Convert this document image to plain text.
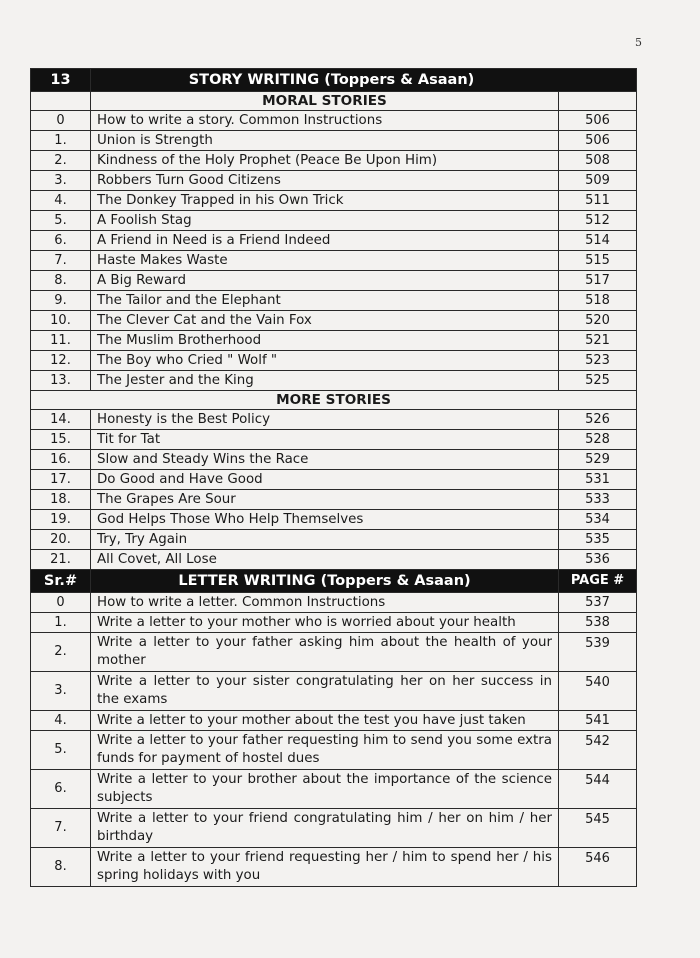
5
13	STORY WRITING (Toppers & Asaan)	
	MORAL STORIES	
0	How to write a story. Common Instructions	506
1.	Union is Strength	506
2.	Kindness of the Holy Prophet (Peace Be Upon Him)	508
3.	Robbers Turn Good Citizens	509
4.	The Donkey Trapped in his Own Trick	511
5.	A Foolish Stag	512
6.	A Friend in Need is a Friend Indeed	514
7.	Haste Makes Waste	515
8.	A Big Reward	517
9.	The Tailor and the Elephant	518
10.	The Clever Cat and the Vain Fox	520
11.	The Muslim Brotherhood	521
12.	The Boy who Cried " Wolf "	523
13.	The Jester and the King	525
MORE STORIES		
14.	Honesty is the Best Policy	526
15.	Tit for Tat	528
16.	Slow and Steady Wins the Race	529
17.	Do Good and Have Good	531
18.	The Grapes Are Sour	533
19.	God Helps Those Who Help Themselves	534
20.	Try, Try Again	535
21.	All Covet, All Lose	536
Sr.#	LETTER WRITING (Toppers & Asaan)	PAGE #
0	How to write a letter. Common Instructions	537
1.	Write a letter to your mother who is worried about your health	538
2.	Write a letter to your father asking him about the health of your mother	539
3.	Write a letter to your sister congratulating her on her success in the exams	540
4.	Write a letter to your mother about the test you have just taken	541
5.	Write a letter to your father requesting him to send you some extra funds for payment of hostel dues	542
6.	Write a letter to your brother about the importance of the science subjects	544
7.	Write a letter to your friend congratulating him / her on him / her birthday	545
8.	Write a letter to your friend requesting her / him to spend her / his spring holidays with you	546
